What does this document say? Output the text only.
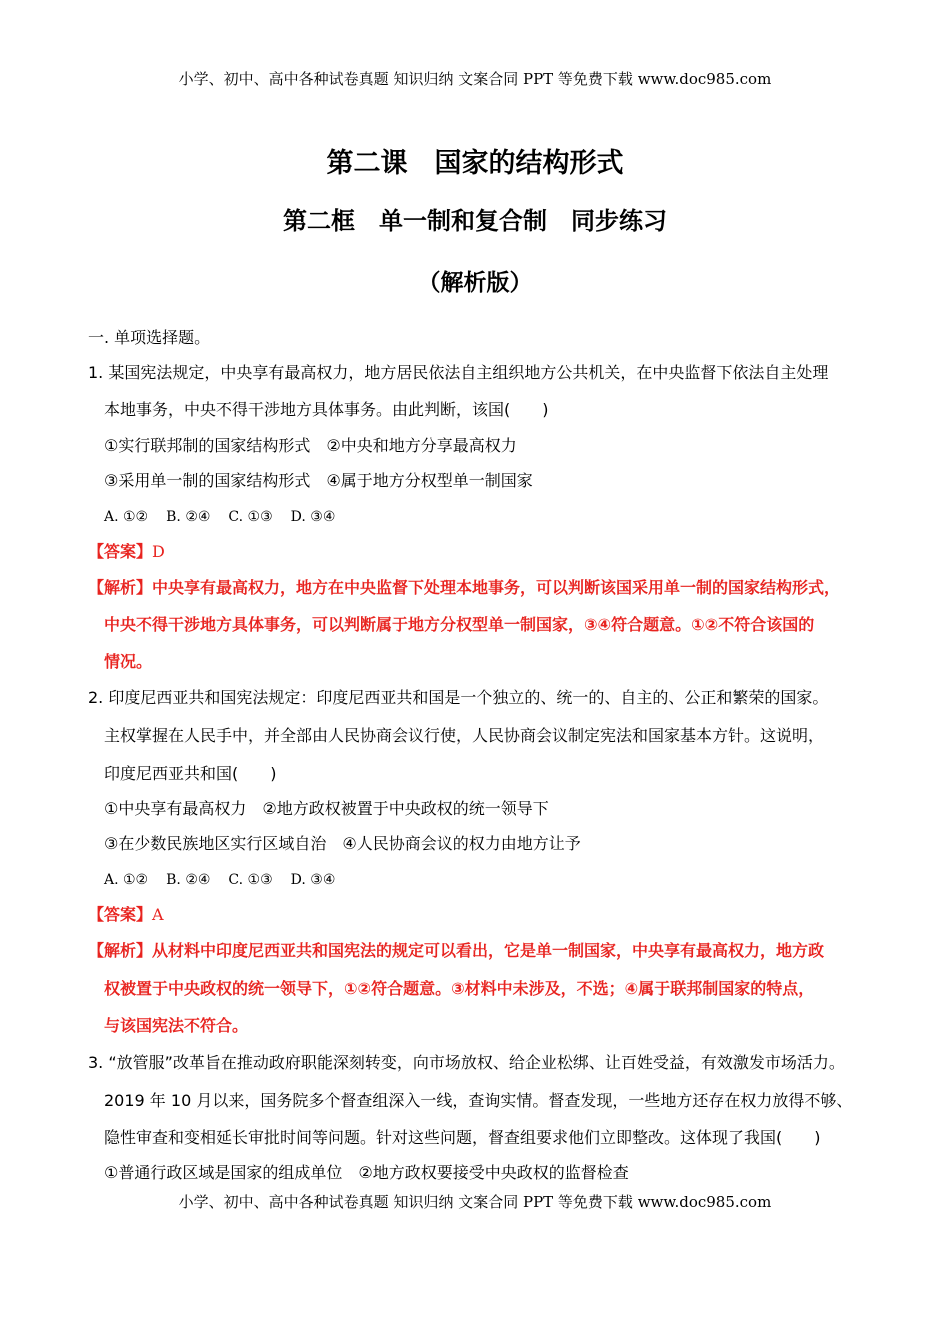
小学、初中、高中各种试卷真题 知识归纳 文案合同 PPT 等免费下载 www.doc985.com
第二课　国家的结构形式
第二框　单一制和复合制　同步练习
（解析版）
一. 单项选择题。
1. 某国宪法规定，中央享有最高权力，地方居民依法自主组织地方公共机关，在中央监督下依法自主处理
本地事务，中央不得干涉地方具体事务。由此判断，该国(　　)
①实行联邦制的国家结构形式　②中央和地方分享最高权力
③采用单一制的国家结构形式　④属于地方分权型单一制国家
A. ①② B. ②④ C. ①③ D. ③④
【答案】D
【解析】中央享有最高权力，地方在中央监督下处理本地事务，可以判断该国采用单一制的国家结构形式，
中央不得干涉地方具体事务，可以判断属于地方分权型单一制国家，③④符合题意。①②不符合该国的
情况。
2. 印度尼西亚共和国宪法规定：印度尼西亚共和国是一个独立的、统一的、自主的、公正和繁荣的国家。
主权掌握在人民手中，并全部由人民协商会议行使，人民协商会议制定宪法和国家基本方针。这说明，
印度尼西亚共和国(　　)
①中央享有最高权力　②地方政权被置于中央政权的统一领导下
③在少数民族地区实行区域自治　④人民协商会议的权力由地方让予
A. ①② B. ②④ C. ①③ D. ③④
【答案】A
【解析】从材料中印度尼西亚共和国宪法的规定可以看出，它是单一制国家，中央享有最高权力，地方政
权被置于中央政权的统一领导下，①②符合题意。③材料中未涉及，不选；④属于联邦制国家的特点，
与该国宪法不符合。
3. “放管服”改革旨在推动政府职能深刻转变，向市场放权、给企业松绑、让百姓受益，有效激发市场活力。
2019 年 10 月以来，国务院多个督查组深入一线，查询实情。督查发现，一些地方还存在权力放得不够、
隐性审查和变相延长审批时间等问题。针对这些问题，督查组要求他们立即整改。这体现了我国(　　)
①普通行政区域是国家的组成单位　②地方政权要接受中央政权的监督检查
小学、初中、高中各种试卷真题 知识归纳 文案合同 PPT 等免费下载 www.doc985.com
